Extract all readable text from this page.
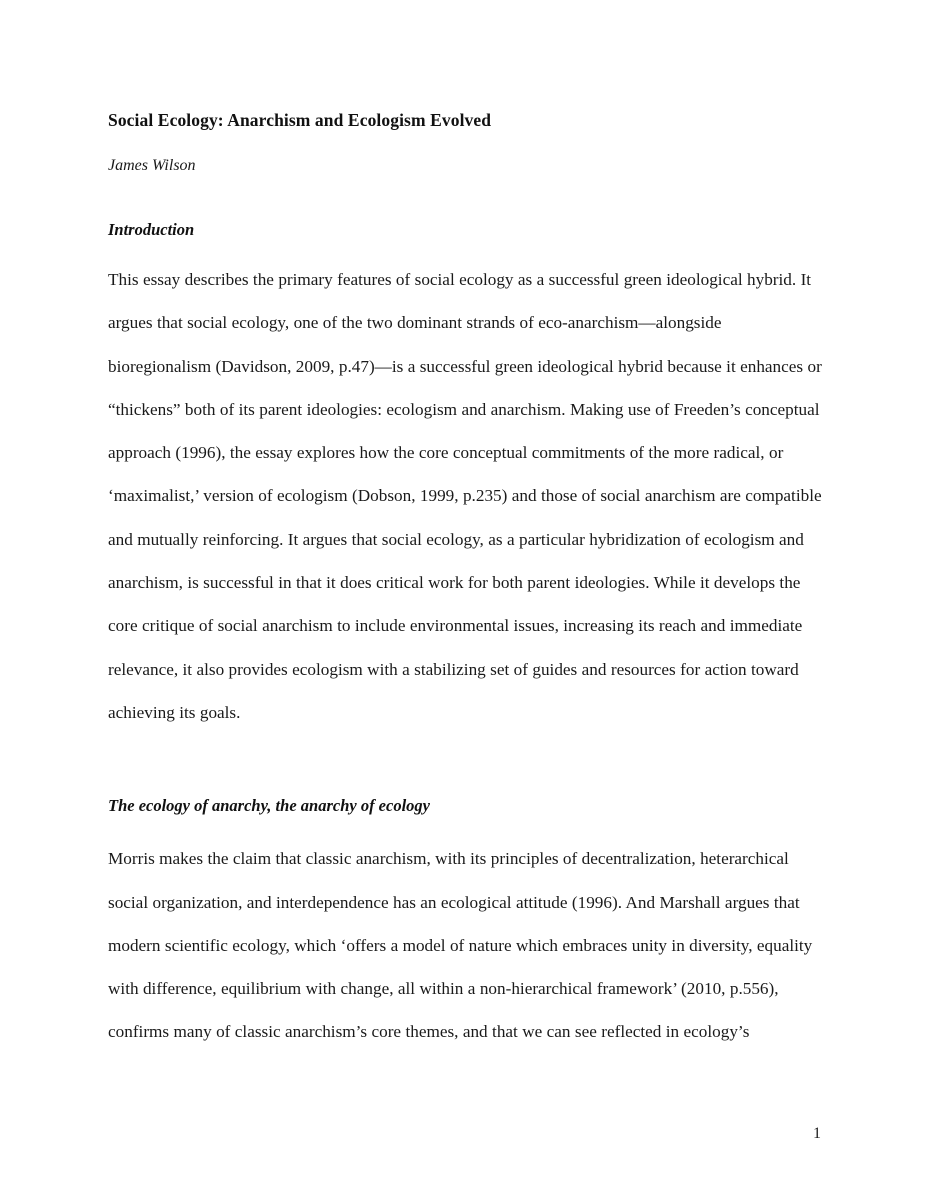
Social Ecology: Anarchism and Ecologism Evolved
James Wilson
Introduction

This essay describes the primary features of social ecology as a successful green ideological hybrid. It argues that social ecology, one of the two dominant strands of eco-anarchism—alongside bioregionalism (Davidson, 2009, p.47)—is a successful green ideological hybrid because it enhances or “thickens” both of its parent ideologies: ecologism and anarchism. Making use of Freeden’s conceptual approach (1996), the essay explores how the core conceptual commitments of the more radical, or ‘maximalist,’ version of ecologism (Dobson, 1999, p.235) and those of social anarchism are compatible and mutually reinforcing. It argues that social ecology, as a particular hybridization of ecologism and anarchism, is successful in that it does critical work for both parent ideologies. While it develops the core critique of social anarchism to include environmental issues, increasing its reach and immediate relevance, it also provides ecologism with a stabilizing set of guides and resources for action toward achieving its goals.

The ecology of anarchy, the anarchy of ecology

Morris makes the claim that classic anarchism, with its principles of decentralization, heterarchical social organization, and interdependence has an ecological attitude (1996). And Marshall argues that modern scientific ecology, which ‘offers a model of nature which embraces unity in diversity, equality with difference, equilibrium with change, all within a non-hierarchical framework’ (2010, p.556), confirms many of classic anarchism’s core themes, and that we can see reflected in ecology’s

1
